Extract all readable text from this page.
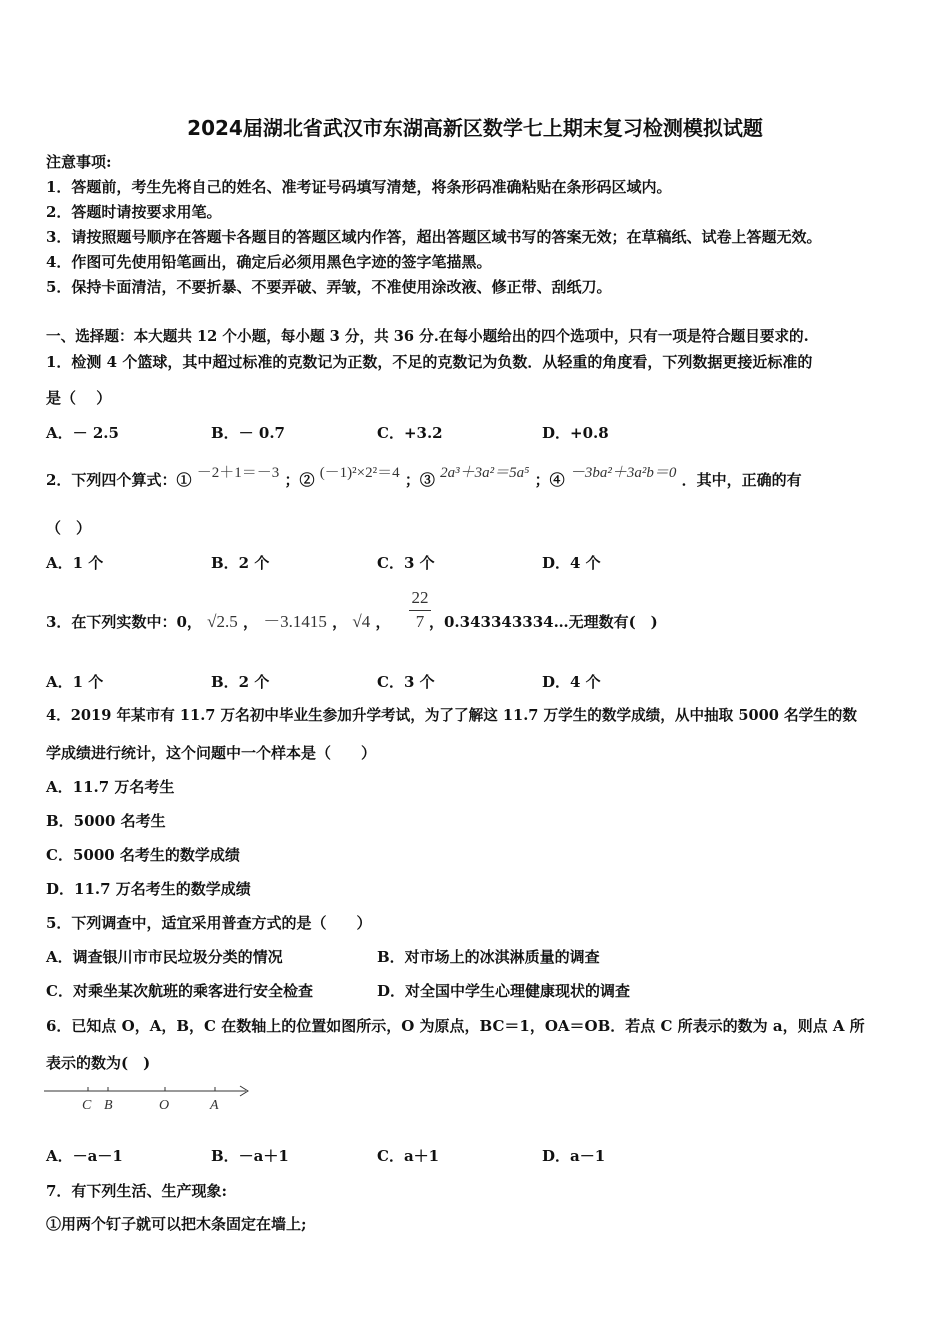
2024届湖北省武汉市东湖高新区数学七上期末复习检测模拟试题
注意事项:
1．答题前，考生先将自己的姓名、准考证号码填写清楚，将条形码准确粘贴在条形码区域内。
2．答题时请按要求用笔。
3．请按照题号顺序在答题卡各题目的答题区域内作答，超出答题区域书写的答案无效；在草稿纸、试卷上答题无效。
4．作图可先使用铅笔画出，确定后必须用黑色字迹的签字笔描黑。
5．保持卡面清洁，不要折暴、不要弄破、弄皱，不准使用涂改液、修正带、刮纸刀。
一、选择题：本大题共 12 个小题，每小题 3 分，共 36 分.在每小题给出的四个选项中，只有一项是符合题目要求的.
1．检测 4 个篮球，其中超过标准的克数记为正数，不足的克数记为负数．从轻重的角度看，下列数据更接近标准的
是（　 ）
A．－ 2.5	B．－ 0.7	C．+3.2	D．+0.8
2．下列四个算式：① －2＋1＝－3 ；② (－1)²×2²＝4 ；③ 2a³＋3a²＝5a⁵ ；④ －3ba²＋3a²b＝0 ．其中，正确的有
（　）
A．1 个	B．2 个	C．3 个	D．4 个
3．在下列实数中：0， √2.5 ， －3.1415 ， √4 ，	，0.343343334…无理数有(　)
22
7
A．1 个	B．2 个	C．3 个	D．4 个
4．2019 年某市有 11.7 万名初中毕业生参加升学考试，为了了解这 11.7 万学生的数学成绩，从中抽取 5000 名学生的数
学成绩进行统计，这个问题中一个样本是（　　）
A．11.7 万名考生
B．5000 名考生
C．5000 名考生的数学成绩
D．11.7 万名考生的数学成绩
5．下列调查中，适宜采用普查方式的是（　　）
A．调查银川市市民垃圾分类的情况	B．对市场上的冰淇淋质量的调查
C．对乘坐某次航班的乘客进行安全检查	D．对全国中学生心理健康现状的调查
6．已知点 O，A，B，C 在数轴上的位置如图所示，O 为原点，BC＝1，OA＝OB．若点 C 所表示的数为 a，则点 A 所
表示的数为(　)
C B	O	A
A．－a－1	B．－a＋1	C．a＋1	D．a－1
7．有下列生活、生产现象:
①用两个钉子就可以把木条固定在墙上;
